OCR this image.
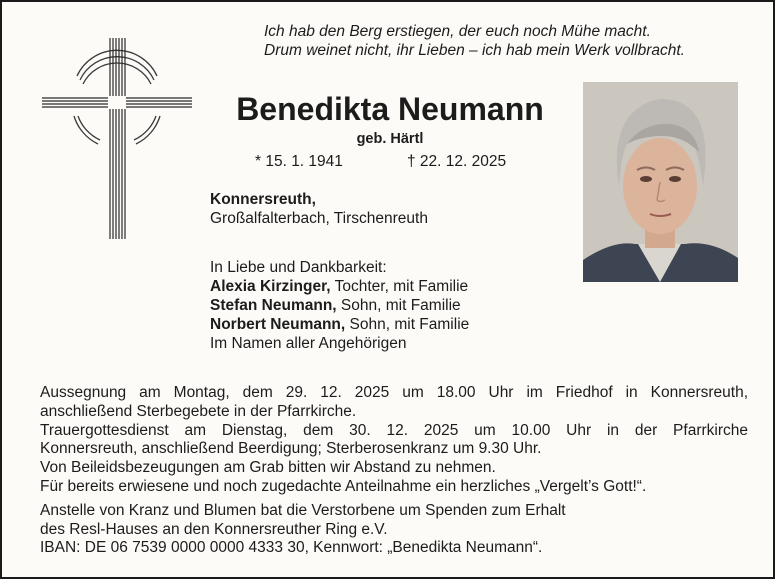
Ich hab den Berg erstiegen, der euch noch Mühe macht.
Drum weinet nicht, ihr Lieben – ich hab mein Werk vollbracht.
Benedikta Neumann
geb. Härtl
* 15. 1. 1941	† 22. 12. 2025
Konnersreuth,
Großalfalterbach, Tirschenreuth
In Liebe und Dankbarkeit:
Alexia Kirzinger, Tochter, mit Familie
Stefan Neumann, Sohn, mit Familie
Norbert Neumann, Sohn, mit Familie
Im Namen aller Angehörigen
Aussegnung am Montag, dem 29. 12. 2025 um 18.00 Uhr im Friedhof in Konnersreuth,
anschließend Sterbegebete in der Pfarrkirche.
Trauergottesdienst am Dienstag, dem 30. 12. 2025 um 10.00 Uhr in der Pfarrkirche
Konnersreuth, anschließend Beerdigung; Sterberosenkranz um 9.30 Uhr.
Von Beileidsbezeugungen am Grab bitten wir Abstand zu nehmen.
Für bereits erwiesene und noch zugedachte Anteilnahme ein herzliches „Vergelt’s Gott!“.
Anstelle von Kranz und Blumen bat die Verstorbene um Spenden zum Erhalt
des Resl-Hauses an den Konnersreuther Ring e.V.
IBAN: DE 06 7539 0000 0000 4333 30, Kennwort: „Benedikta Neumann“.
